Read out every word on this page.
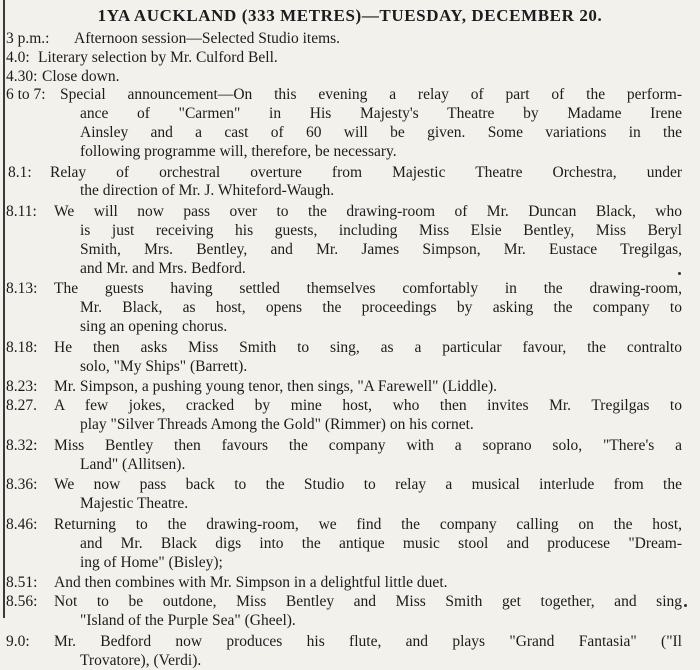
1YA AUCKLAND (333 METRES)—TUESDAY, DECEMBER 20.
3 p.m.:	Afternoon session—Selected Studio items.
4.0: Literary selection by Mr. Culford Bell.
4.30: Close down.
6 to 7: Special announcement—On this evening a relay of part of the perform-
ance of "Carmen" in His Majesty's Theatre by Madame Irene
Ainsley and a cast of 60 will be given. Some variations in the
following programme will, therefore, be necessary.
8.1:	Relay of orchestral overture from Majestic Theatre Orchestra, under
the direction of Mr. J. Whiteford-Waugh.
8.11:	We will now pass over to the drawing-room of Mr. Duncan Black, who
is just receiving his guests, including Miss Elsie Bentley, Miss Beryl
Smith, Mrs. Bentley, and Mr. James Simpson, Mr. Eustace Tregilgas,
and Mr. and Mrs. Bedford.
8.13:	The guests having settled themselves comfortably in the drawing-room,
Mr. Black, as host, opens the proceedings by asking the company to
sing an opening chorus.
8.18:	He then asks Miss Smith to sing, as a particular favour, the contralto
solo, "My Ships" (Barrett).
8.23:	Mr. Simpson, a pushing young tenor, then sings, "A Farewell" (Liddle).
8.27.	A few jokes, cracked by mine host, who then invites Mr. Tregilgas to
play "Silver Threads Among the Gold" (Rimmer) on his cornet.
8.32:	Miss Bentley then favours the company with a soprano solo, "There's a
Land" (Allitsen).
8.36:	We now pass back to the Studio to relay a musical interlude from the
Majestic Theatre.
8.46:	Returning to the drawing-room, we find the company calling on the host,
and Mr. Black digs into the antique music stool and producese "Dream-
ing of Home" (Bisley);
8.51:	And then combines with Mr. Simpson in a delightful little duet.
8.56:	Not to be outdone, Miss Bentley and Miss Smith get together, and sing
"Island of the Purple Sea" (Gheel).
9.0:	Mr. Bedford now produces his flute, and plays "Grand Fantasia" ("Il
Trovatore), (Verdi).
